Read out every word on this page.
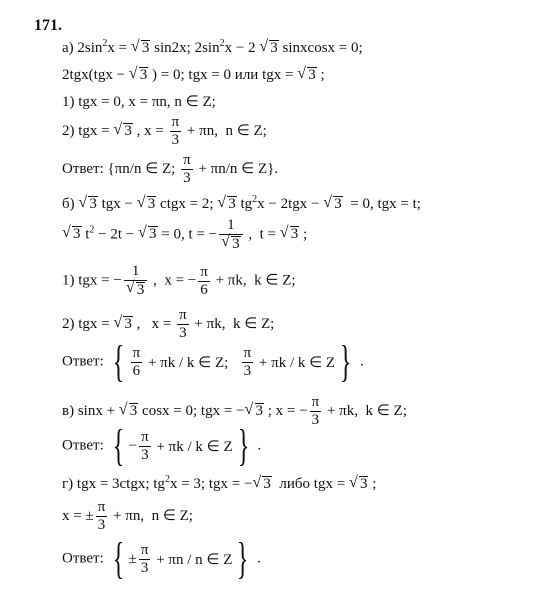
171.
а) $2\sin^2x$ = √ 3 sin2x; $2\sin^2x - 2$ √ 3 sinxcosx = 0;
2tgx(tgx − √ 3 ) = 0; tgx = 0 или tgx = √ 3 ;
1) tgx = 0, x = πn, n ∈ Z;
2) tgx = √ 3 , $x = \frac{\pi}{3} + \pi n$,  n ∈ Z;
Ответ: {πn/n ∈ Z; $\frac{\pi}{3} + \pi n/n$ ∈ Z}.
б) √ 3 tgx − √ 3 ctgx = 2; √ 3 $tg^2x - 2tgx$ − √ 3  = 0, tgx = t;
√ 3 $t^2 - 2t$ − √ 3 = 0, t = − 1
√ 3 ,  t = √ 3 ;
1) tgx = − 1
√ 3 ,  x = − $\frac{\pi}{6} + \pi k$,  k ∈ Z;
2) tgx = √ 3 ,   $x = \frac{\pi}{3} + \pi k$,  k ∈ Z;
Ответ: { $\frac{\pi}{6} + \pi k / k$ ∈ Z; $\frac{\pi}{3} + \pi k / k$ ∈ Z } .
в) sinx + √ 3 cosx = 0; tgx = − √ 3 ; x = − $\frac{\pi}{3} + \pi k$,  k ∈ Z;
Ответ: { − $\frac{\pi}{3} + \pi k / k$ ∈ Z } .
г) tgx = 3ctgx; $tg^2x = 3$; tgx = − √ 3  либо tgx = √ 3 ;
x = ± $\frac{\pi}{3} + \pi n$,  n ∈ Z;
Ответ: { ± $\frac{\pi}{3} + \pi n / n$ ∈ Z } .
